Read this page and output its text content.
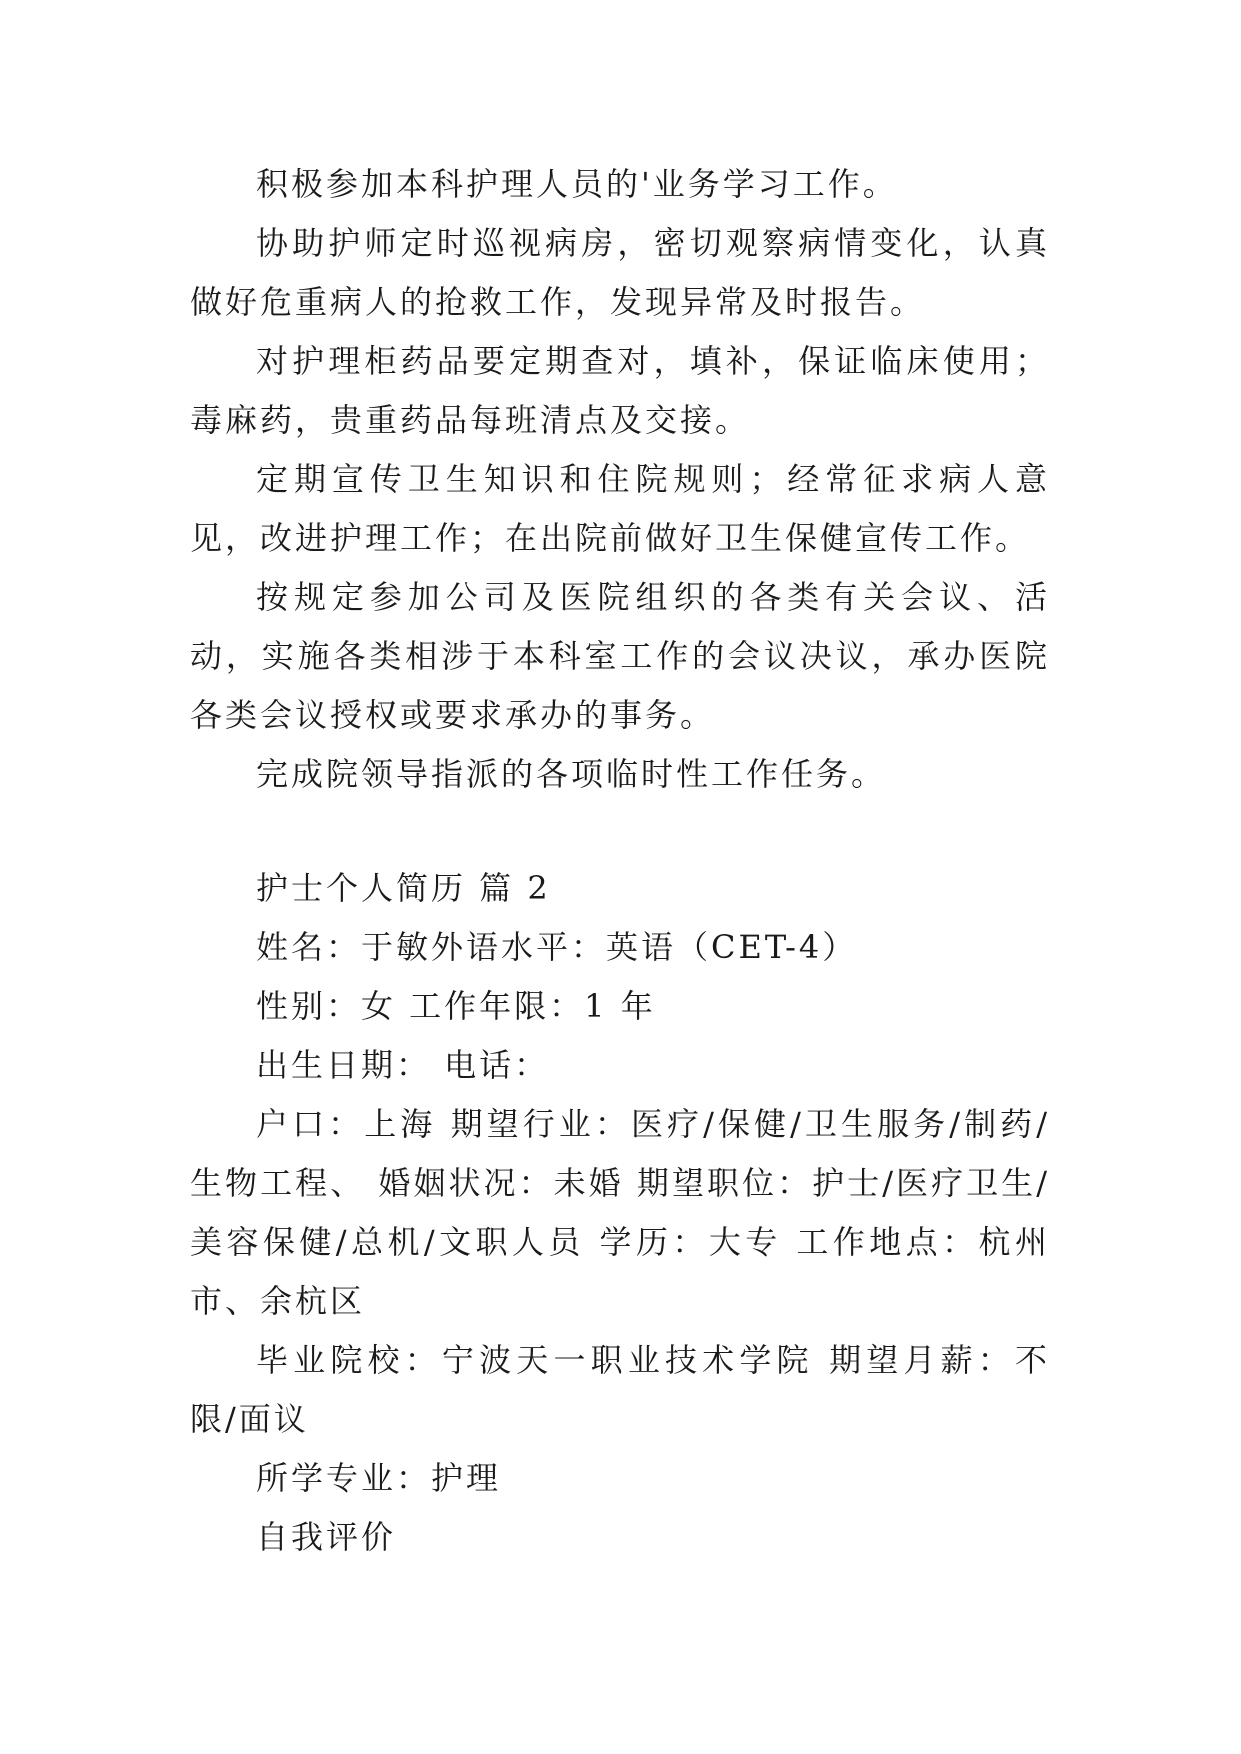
积极参加本科护理人员的'业务学习工作。

协助护师定时巡视病房，密切观察病情变化，认真做好危重病人的抢救工作，发现异常及时报告。

对护理柜药品要定期查对，填补，保证临床使用；毒麻药，贵重药品每班清点及交接。

定期宣传卫生知识和住院规则；经常征求病人意见，改进护理工作；在出院前做好卫生保健宣传工作。

按规定参加公司及医院组织的各类有关会议、活动，实施各类相涉于本科室工作的会议决议，承办医院各类会议授权或要求承办的事务。

完成院领导指派的各项临时性工作任务。

护士个人简历 篇 2

姓名：于敏外语水平：英语（CET-4）

性别：女 工作年限：1 年

出生日期： 电话：

户口：上海 期望行业：医疗/保健/卫生服务/制药/生物工程、 婚姻状况：未婚 期望职位：护士/医疗卫生/美容保健/总机/文职人员 学历：大专 工作地点：杭州市、余杭区

毕业院校：宁波天一职业技术学院 期望月薪：不限/面议

所学专业：护理

自我评价
